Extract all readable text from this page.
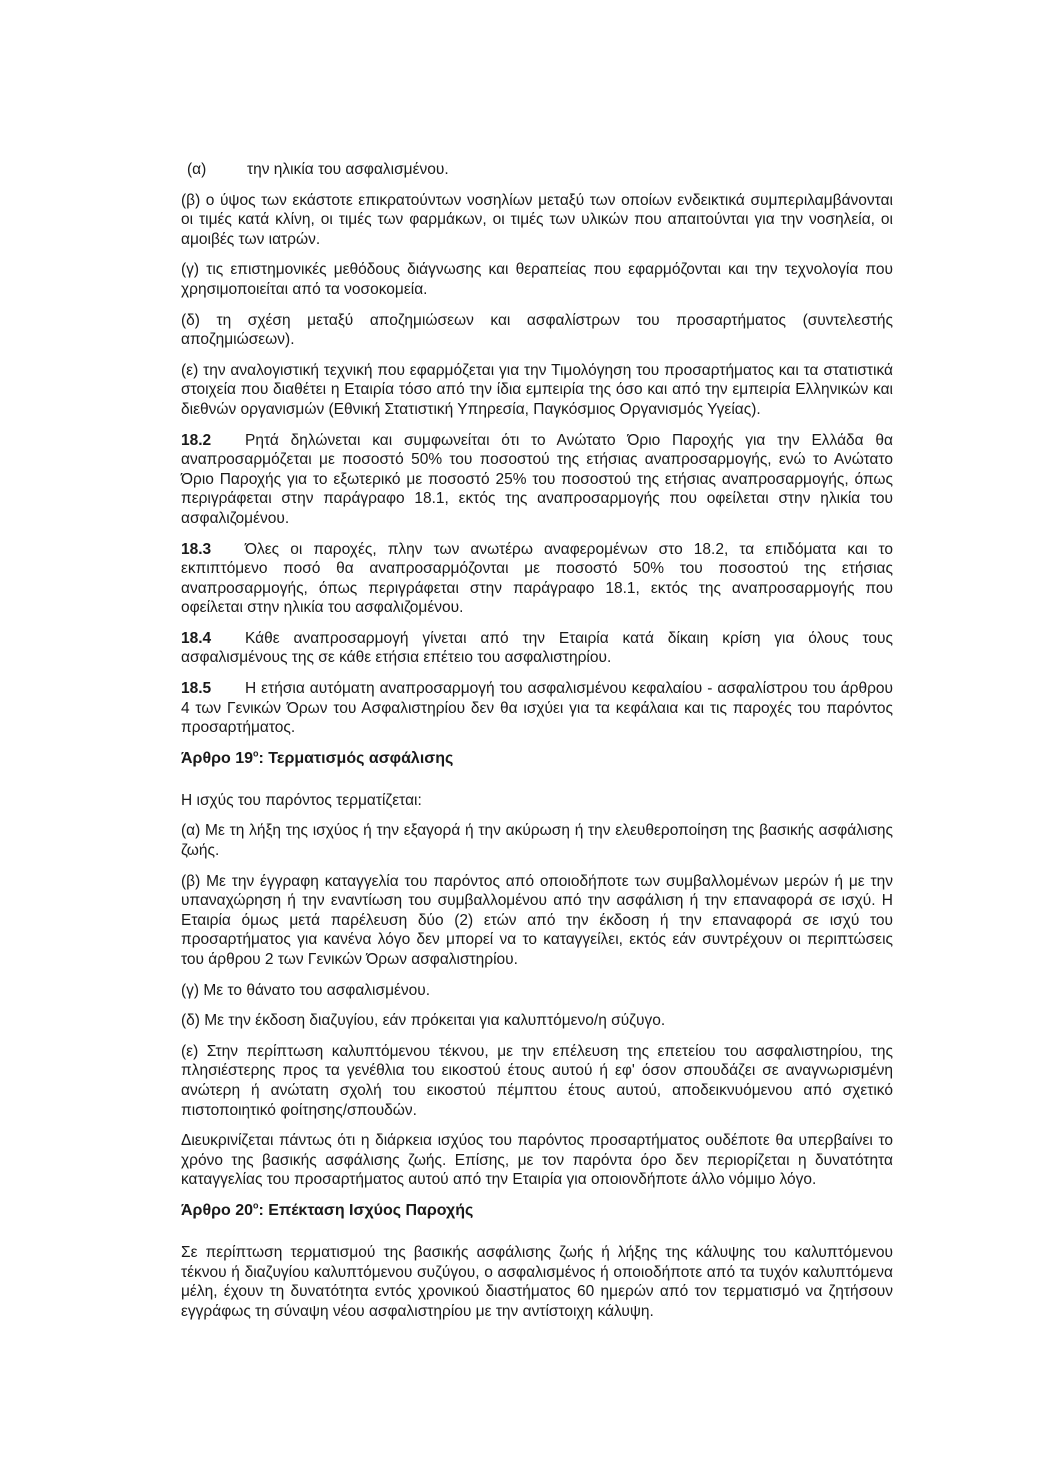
(α)	την ηλικία του ασφαλισμένου.

(β) ο ύψος των εκάστοτε επικρατούντων νοσηλίων μεταξύ των οποίων ενδεικτικά συμπεριλαμβάνονται οι τιμές κατά κλίνη, οι τιμές των φαρμάκων, οι τιμές των υλικών που απαιτούνται για την νοσηλεία, οι αμοιβές των ιατρών.

(γ) τις επιστημονικές μεθόδους διάγνωσης και θεραπείας που εφαρμόζονται και την τεχνολογία που χρησιμοποιείται από τα νοσοκομεία.

(δ) τη σχέση μεταξύ αποζημιώσεων και ασφαλίστρων του προσαρτήματος (συντελεστής αποζημιώσεων).

(ε) την αναλογιστική τεχνική που εφαρμόζεται για την Τιμολόγηση του προσαρτήματος και τα στατιστικά στοιχεία που διαθέτει η Εταιρία τόσο από την ίδια εμπειρία της όσο και από την εμπειρία Ελληνικών και διεθνών οργανισμών (Εθνική Στατιστική Υπηρεσία, Παγκόσμιος Οργανισμός Υγείας).

18.2 Ρητά δηλώνεται και συμφωνείται ότι το Ανώτατο Όριο Παροχής για την Ελλάδα θα αναπροσαρμόζεται με ποσοστό 50% του ποσοστού της ετήσιας αναπροσαρμογής, ενώ το Ανώτατο Όριο Παροχής για το εξωτερικό με ποσοστό 25% του ποσοστού της ετήσιας αναπροσαρμογής, όπως περιγράφεται στην παράγραφο 18.1, εκτός της αναπροσαρμογής που οφείλεται στην ηλικία του ασφαλιζομένου.

18.3 Όλες οι παροχές, πλην των ανωτέρω αναφερομένων στο 18.2, τα επιδόματα και το εκπιπτόμενο ποσό θα αναπροσαρμόζονται με ποσοστό 50% του ποσοστού της ετήσιας αναπροσαρμογής, όπως περιγράφεται στην παράγραφο 18.1, εκτός της αναπροσαρμογής που οφείλεται στην ηλικία του ασφαλιζομένου.

18.4 Κάθε αναπροσαρμογή γίνεται από την Εταιρία κατά δίκαιη κρίση για όλους τους ασφαλισμένους της σε κάθε ετήσια επέτειο του ασφαλιστηρίου.

18.5 Η ετήσια αυτόματη αναπροσαρμογή του ασφαλισμένου κεφαλαίου - ασφαλίστρου του άρθρου 4 των Γενικών Όρων του Ασφαλιστηρίου δεν θα ισχύει για τα κεφάλαια και τις παροχές του παρόντος προσαρτήματος.

Άρθρο $19^o$: Τερματισμός ασφάλισης

Η ισχύς του παρόντος τερματίζεται:

(α) Με τη λήξη της ισχύος ή την εξαγορά ή την ακύρωση ή την ελευθεροποίηση της βασικής ασφάλισης ζωής.

(β) Με την έγγραφη καταγγελία του παρόντος από οποιοδήποτε των συμβαλλομένων μερών ή με την υπαναχώρηση ή την εναντίωση του συμβαλλομένου από την ασφάλιση ή την επαναφορά σε ισχύ. Η Εταιρία όμως μετά παρέλευση δύο (2) ετών από την έκδοση ή την επαναφορά σε ισχύ του προσαρτήματος για κανένα λόγο δεν μπορεί να το καταγγείλει, εκτός εάν συντρέχουν οι περιπτώσεις του άρθρου 2 των Γενικών Όρων ασφαλιστηρίου.

(γ) Με το θάνατο του ασφαλισμένου.

(δ) Με την έκδοση διαζυγίου, εάν πρόκειται για καλυπτόμενο/η σύζυγο.

(ε) Στην περίπτωση καλυπτόμενου τέκνου, με την επέλευση της επετείου του ασφαλιστηρίου, της πλησιέστερης προς τα γενέθλια του εικοστού έτους αυτού ή εφ' όσον σπουδάζει σε αναγνωρισμένη ανώτερη ή ανώτατη σχολή του εικοστού πέμπτου έτους αυτού, αποδεικνυόμενου από σχετικό πιστοποιητικό φοίτησης/σπουδών.

Διευκρινίζεται πάντως ότι η διάρκεια ισχύος του παρόντος προσαρτήματος ουδέποτε θα υπερβαίνει το χρόνο της βασικής ασφάλισης ζωής. Επίσης, με τον παρόντα όρο δεν περιορίζεται η δυνατότητα καταγγελίας του προσαρτήματος αυτού από την Εταιρία για οποιονδήποτε άλλο νόμιμο λόγο.

Άρθρο $20^o$: Επέκταση Ισχύος Παροχής

Σε περίπτωση τερματισμού της βασικής ασφάλισης ζωής ή λήξης της κάλυψης του καλυπτόμενου τέκνου ή διαζυγίου καλυπτόμενου συζύγου, ο ασφαλισμένος ή οποιοδήποτε από τα τυχόν καλυπτόμενα μέλη, έχουν τη δυνατότητα εντός χρονικού διαστήματος 60 ημερών από τον τερματισμό να ζητήσουν εγγράφως τη σύναψη νέου ασφαλιστηρίου με την αντίστοιχη κάλυψη.
